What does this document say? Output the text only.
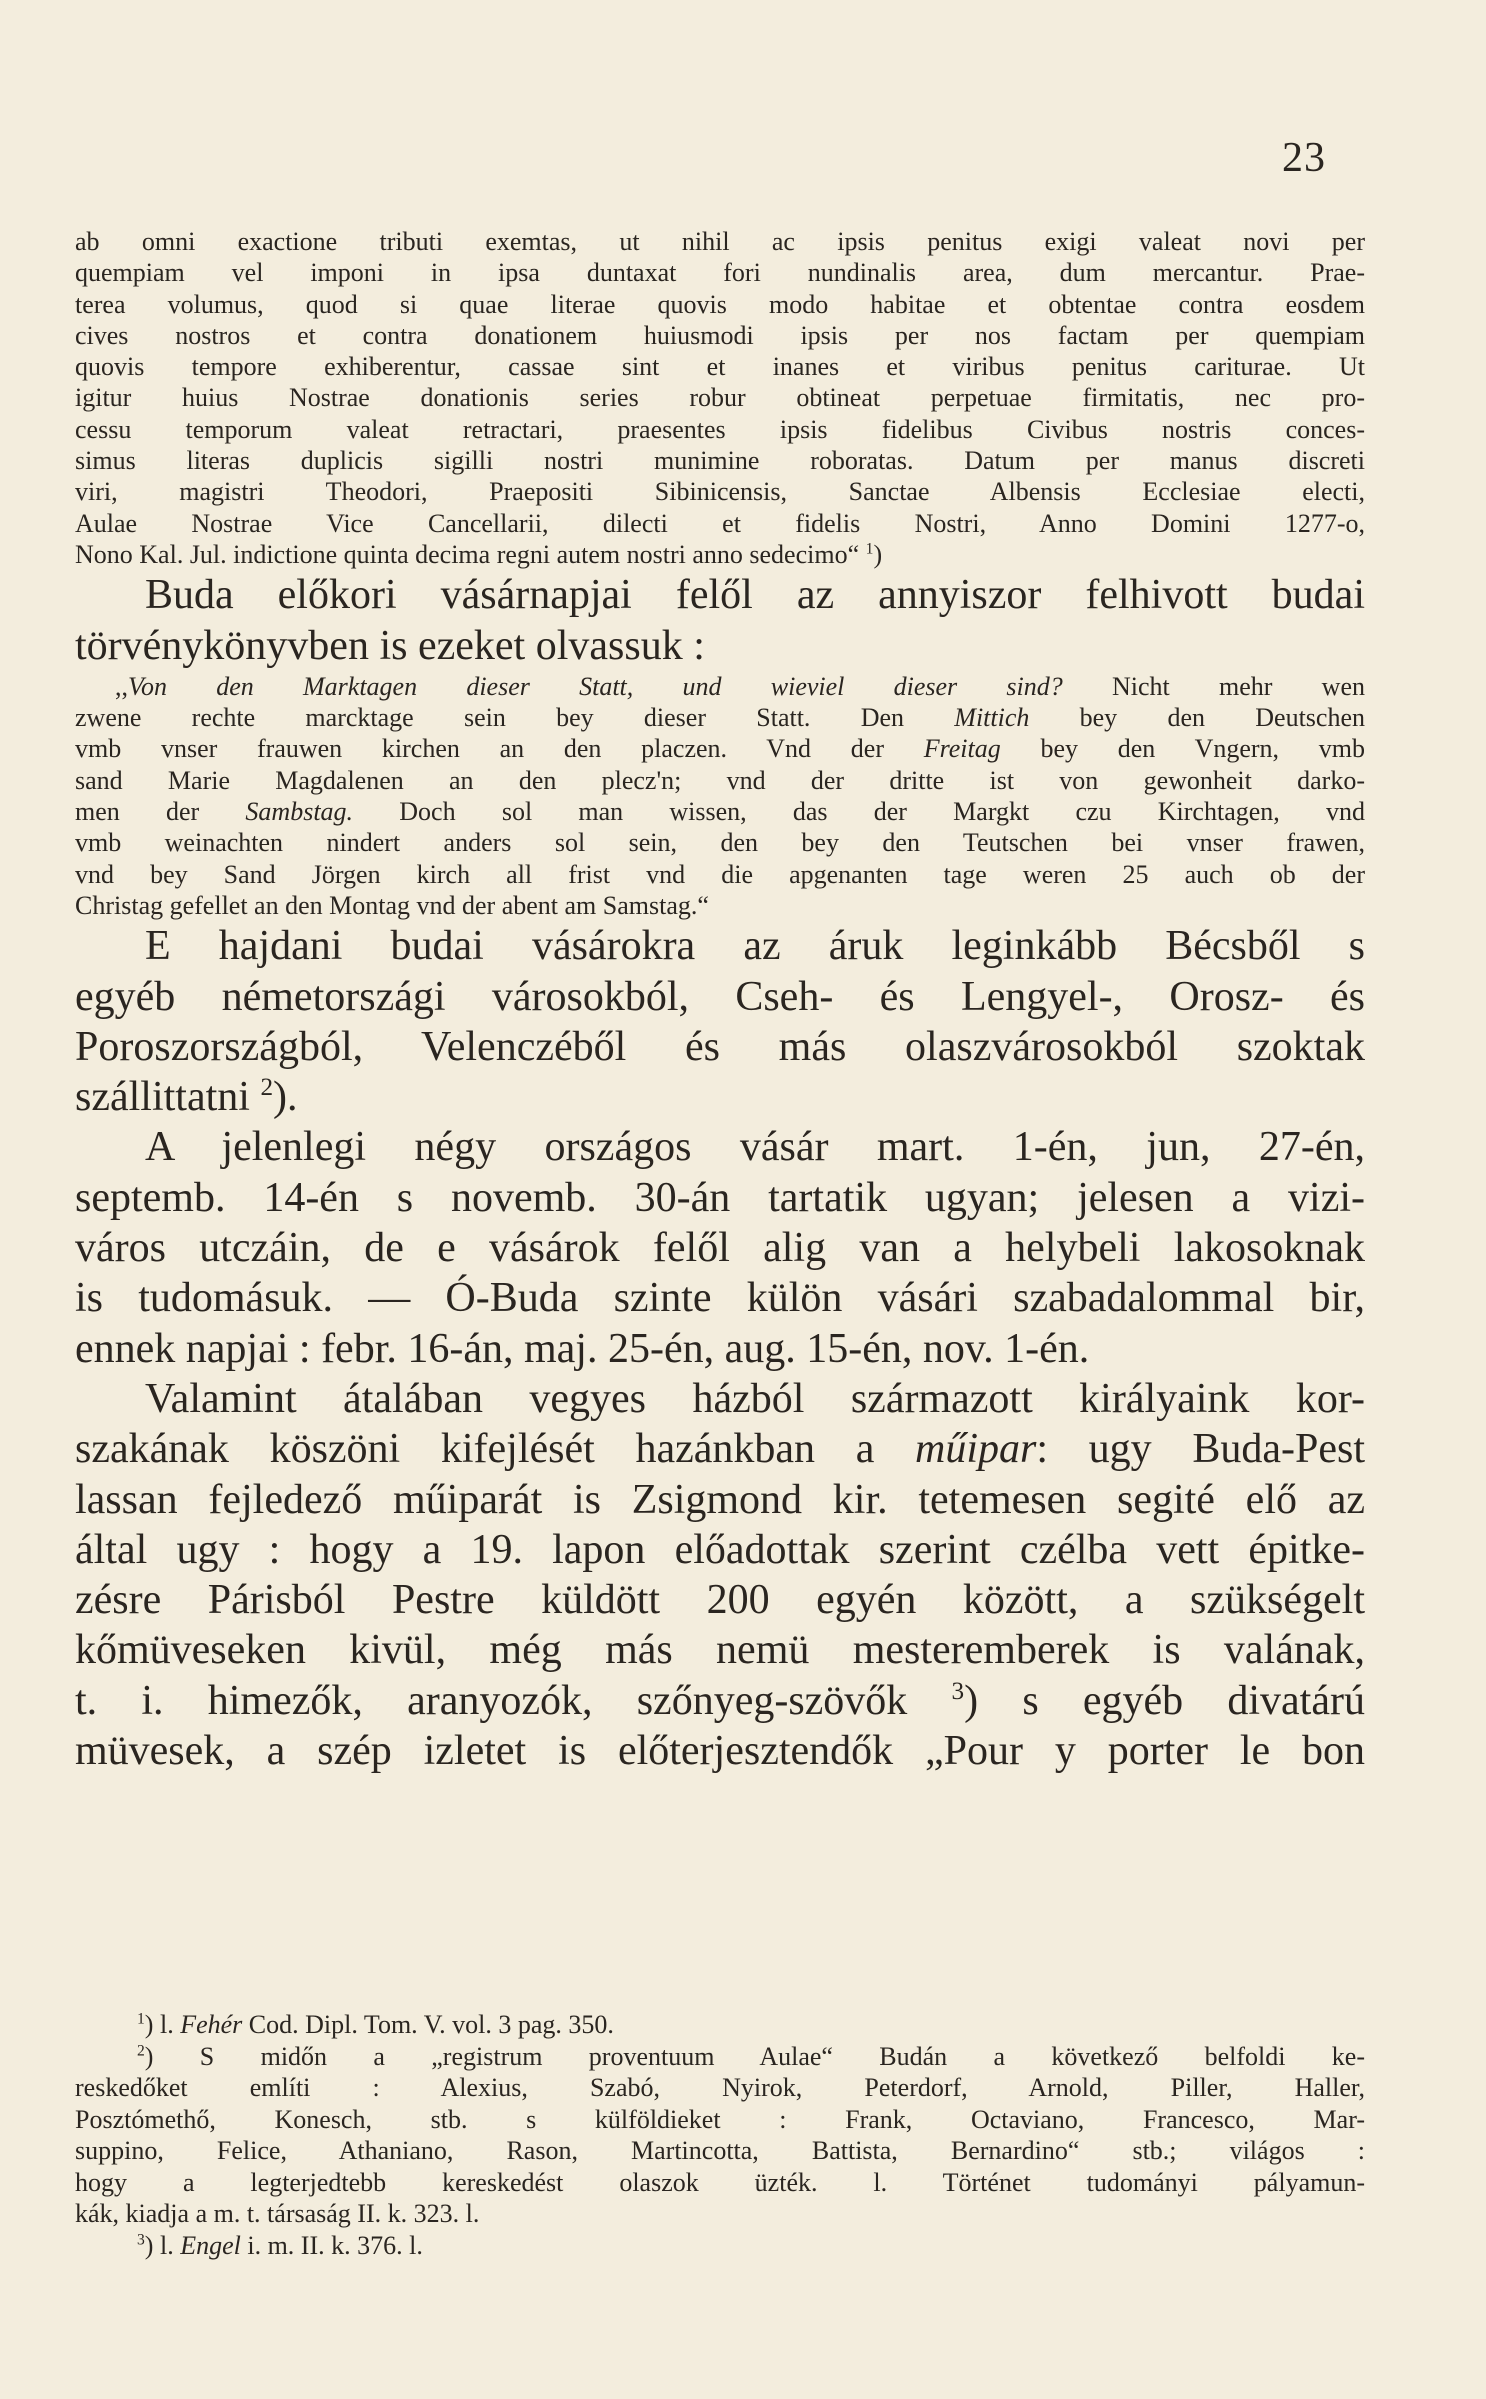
23

ab omni exactione tributi exemtas, ut nihil ac ipsis penitus exigi valeat novi per

quempiam vel imponi in ipsa duntaxat fori nundinalis area, dum mercantur. Prae-

terea volumus, quod si quae literae quovis modo habitae et obtentae contra eosdem

cives nostros et contra donationem huiusmodi ipsis per nos factam per quempiam

quovis tempore exhiberentur, cassae sint et inanes et viribus penitus cariturae. Ut

igitur huius Nostrae donationis series robur obtineat perpetuae firmitatis, nec pro-

cessu temporum valeat retractari, praesentes ipsis fidelibus Civibus nostris conces-

simus literas duplicis sigilli nostri munimine roboratas. Datum per manus discreti

viri, magistri Theodori, Praepositi Sibinicensis, Sanctae Albensis Ecclesiae electi,

Aulae Nostrae Vice Cancellarii, dilecti et fidelis Nostri, Anno Domini 1277-o,

Nono Kal. Jul. indictione quinta decima regni autem nostri anno sedecimo“ $^1$)

Buda előkori vásárnapjai felől az annyiszor felhivott budai

törvénykönyvben is ezeket olvassuk :

,,Von den Marktagen dieser Statt, und wieviel dieser sind? Nicht mehr wen

zwene rechte marcktage sein bey dieser Statt. Den Mittich bey den Deutschen

vmb vnser frauwen kirchen an den placzen. Vnd der Freitag bey den Vngern, vmb

sand Marie Magdalenen an den plecz'n; vnd der dritte ist von gewonheit darko-

men der Sambstag. Doch sol man wissen, das der Margkt czu Kirchtagen, vnd

vmb weinachten nindert anders sol sein, den bey den Teutschen bei vnser frawen,

vnd bey Sand Jörgen kirch all frist vnd die apgenanten tage weren 25 auch ob der

Christag gefellet an den Montag vnd der abent am Samstag.“

E hajdani budai vásárokra az áruk leginkább Bécsből s

egyéb németországi városokból, Cseh- és Lengyel-, Orosz- és

Poroszországból, Velenczéből és más olaszvárosokból szoktak

szállittatni $^2$).

A jelenlegi négy országos vásár mart. 1-én, jun, 27-én,

septemb. 14-én s novemb. 30-án tartatik ugyan; jelesen a vizi-

város utczáin, de e vásárok felől alig van a helybeli lakosoknak

is tudomásuk. — Ó-Buda szinte külön vásári szabadalommal bir,

ennek napjai : febr. 16-án, maj. 25-én, aug. 15-én, nov. 1-én.

Valamint átalában vegyes házból származott királyaink kor-

szakának köszöni kifejlését hazánkban a műipar: ugy Buda-Pest

lassan fejledező műiparát is Zsigmond kir. tetemesen segité elő az

által ugy : hogy a 19. lapon előadottak szerint czélba vett épitke-

zésre Párisból Pestre küldött 200 egyén között, a szükségelt

kőmüveseken kivül, még más nemü mesteremberek is valának,

t. i. himezők, aranyozók, szőnyeg-szövők $^3$) s egyéb divatárú

müvesek, a szép izletet is előterjesztendők „Pour y porter le bon

$^1$) l. Fehér Cod. Dipl. Tom. V. vol. 3 pag. 350.

$^2$) S midőn a „registrum proventuum Aulae“ Budán a következő belfoldi ke-

reskedőket említi : Alexius, Szabó, Nyirok, Peterdorf, Arnold, Piller, Haller,

Posztómethő, Konesch, stb. s külföldieket : Frank, Octaviano, Francesco, Mar-

suppino, Felice, Athaniano, Rason, Martincotta, Battista, Bernardino“ stb.; világos :

hogy a legterjedtebb kereskedést olaszok üzték. l. Történet tudományi pályamun-

kák, kiadja a m. t. társaság II. k. 323. l.

$^3$) l. Engel i. m. II. k. 376. l.
